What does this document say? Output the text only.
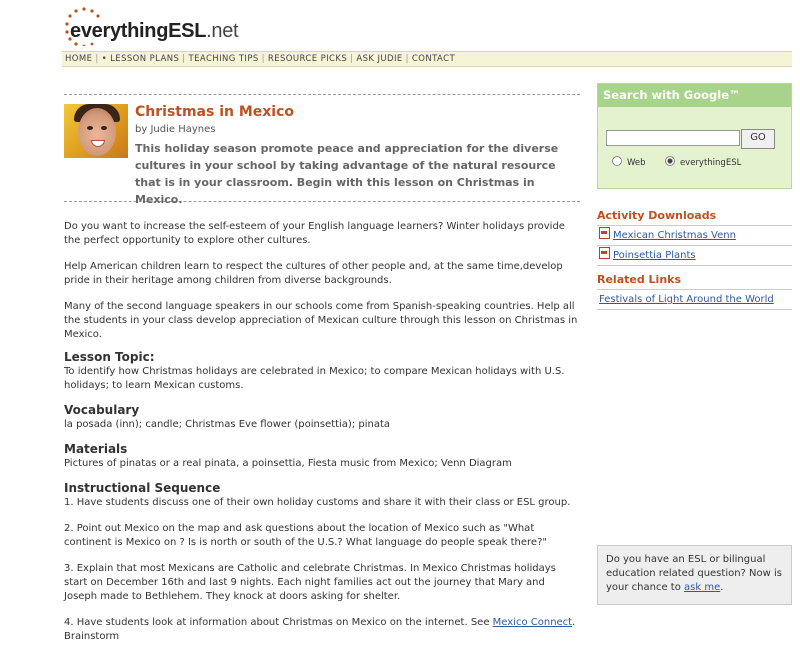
everythingESL.net
HOME | • LESSON PLANS | TEACHING TIPS | RESOURCE PICKS | ASK JUDIE | CONTACT
Christmas in Mexico
by Judie Haynes
This holiday season promote peace and appreciation for the diverse cultures in your school by taking advantage of the natural resource that is in your classroom. Begin with this lesson on Christmas in Mexico.

Do you want to increase the self-esteem of your English language learners? Winter holidays provide the perfect opportunity to explore other cultures.

Help American children learn to respect the cultures of other people and, at the same time,develop pride in their heritage among children from diverse backgrounds.

Many of the second language speakers in our schools come from Spanish-speaking countries. Help all the students in your class develop appreciation of Mexican culture through this lesson on Christmas in Mexico.

Lesson Topic:
To identify how Christmas holidays are celebrated in Mexico; to compare Mexican holidays with U.S. holidays; to learn Mexican customs.
Vocabulary
la posada (inn); candle; Christmas Eve flower (poinsettia); pinata
Materials
Pictures of pinatas or a real pinata, a poinsettia, Fiesta music from Mexico; Venn Diagram
Instructional Sequence

1. Have students discuss one of their own holiday customs and share it with their class or ESL group.

2. Point out Mexico on the map and ask questions about the location of Mexico such as "What continent is Mexico on ? Is is north or south of the U.S.? What language do people speak there?"

3. Explain that most Mexicans are Catholic and celebrate Christmas. In Mexico Christmas holidays start on December 16th and last 9 nights. Each night families act out the journey that Mary and Joseph made to Bethlehem. They knock at doors asking for shelter.

4. Have students look at information about Christmas on Mexico on the internet. See Mexico Connect. Brainstorm

Search with Google™
GO
Web	everythingESL
Activity Downloads
Mexican Christmas Venn
Poinsettia Plants
Related Links
Festivals of Light Around the World
Do you have an ESL or bilingual education related question? Now is your chance to ask me.
